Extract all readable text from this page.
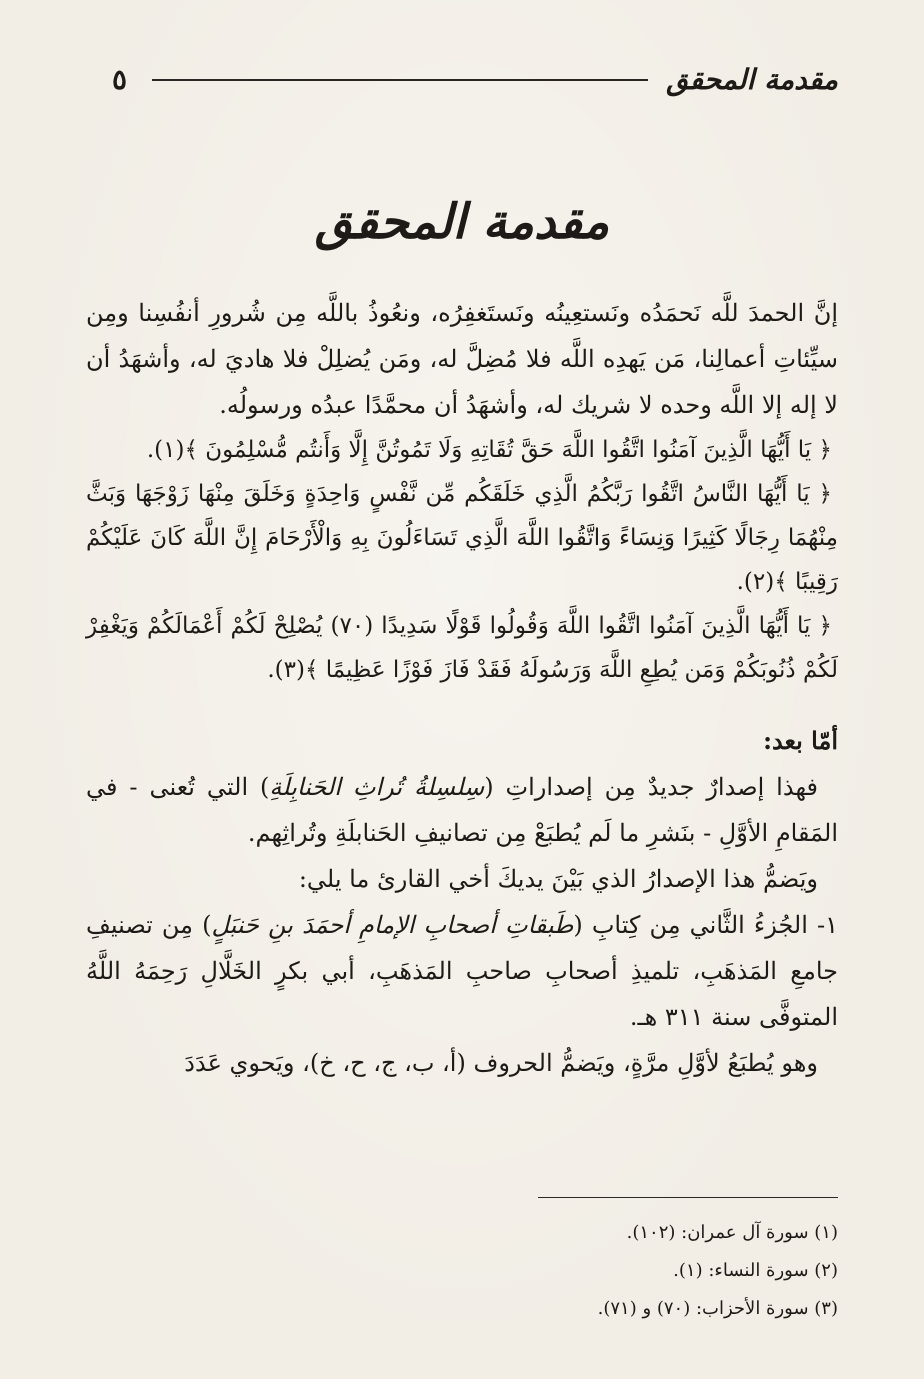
مقدمة المحقق
٥
مقدمة المحقق

إنَّ الحمدَ للَّه نَحمَدُه ونَستعِينُه ونَستَغفِرُه، ونعُوذُ باللَّه مِن شُرورِ أنفُسِنا ومِن سيِّئاتِ أعمالِنا، مَن يَهدِه اللَّه فلا مُضِلَّ له، ومَن يُضلِلْ فلا هاديَ له، وأشهَدُ أن لا إله إلا اللَّه وحده لا شريك له، وأشهَدُ أن محمَّدًا عبدُه ورسولُه.

﴿ يَا أَيُّهَا الَّذِينَ آمَنُوا اتَّقُوا اللَّهَ حَقَّ تُقَاتِهِ وَلَا تَمُوتُنَّ إِلَّا وَأَنتُم مُّسْلِمُونَ ﴾(١).

﴿ يَا أَيُّهَا النَّاسُ اتَّقُوا رَبَّكُمُ الَّذِي خَلَقَكُم مِّن نَّفْسٍ وَاحِدَةٍ وَخَلَقَ مِنْهَا زَوْجَهَا وَبَثَّ مِنْهُمَا رِجَالًا كَثِيرًا وَنِسَاءً وَاتَّقُوا اللَّهَ الَّذِي تَسَاءَلُونَ بِهِ وَالْأَرْحَامَ إِنَّ اللَّهَ كَانَ عَلَيْكُمْ رَقِيبًا ﴾(٢).

﴿ يَا أَيُّهَا الَّذِينَ آمَنُوا اتَّقُوا اللَّهَ وَقُولُوا قَوْلًا سَدِيدًا (٧٠) يُصْلِحْ لَكُمْ أَعْمَالَكُمْ وَيَغْفِرْ لَكُمْ ذُنُوبَكُمْ وَمَن يُطِعِ اللَّهَ وَرَسُولَهُ فَقَدْ فَازَ فَوْزًا عَظِيمًا ﴾(٣).

أمّا بعد:

فهذا إصدارٌ جديدٌ مِن إصداراتِ (سِلسِلةُ تُراثِ الحَنابِلَةِ) التي تُعنى - في المَقامِ الأوَّلِ - بنَشرِ ما لَم يُطبَعْ مِن تصانيفِ الحَنابلَةِ وتُراثِهم.

ويَضمُّ هذا الإصدارُ الذي بَيْنَ يديكَ أخي القارئ ما يلي:

١- الجُزءُ الثَّاني مِن كِتابِ (طَبقاتِ أصحابِ الإمامِ أحمَدَ بنِ حَنبَلٍ) مِن تصنيفِ جامعِ المَذهَبِ، تلميذِ أصحابِ صاحبِ المَذهَبِ، أبي بكرٍ الخَلَّالِ رَحِمَهُ اللَّهُ المتوفَّى سنة ٣١١ هـ.

وهو يُطبَعُ لأوَّلِ مرَّةٍ، ويَضمُّ الحروف (أ، ب، ج، ح، خ)، ويَحوي عَدَدَ

(١) سورة آل عمران: (١٠٢).

(٢) سورة النساء: (١).

(٣) سورة الأحزاب: (٧٠) و (٧١).
